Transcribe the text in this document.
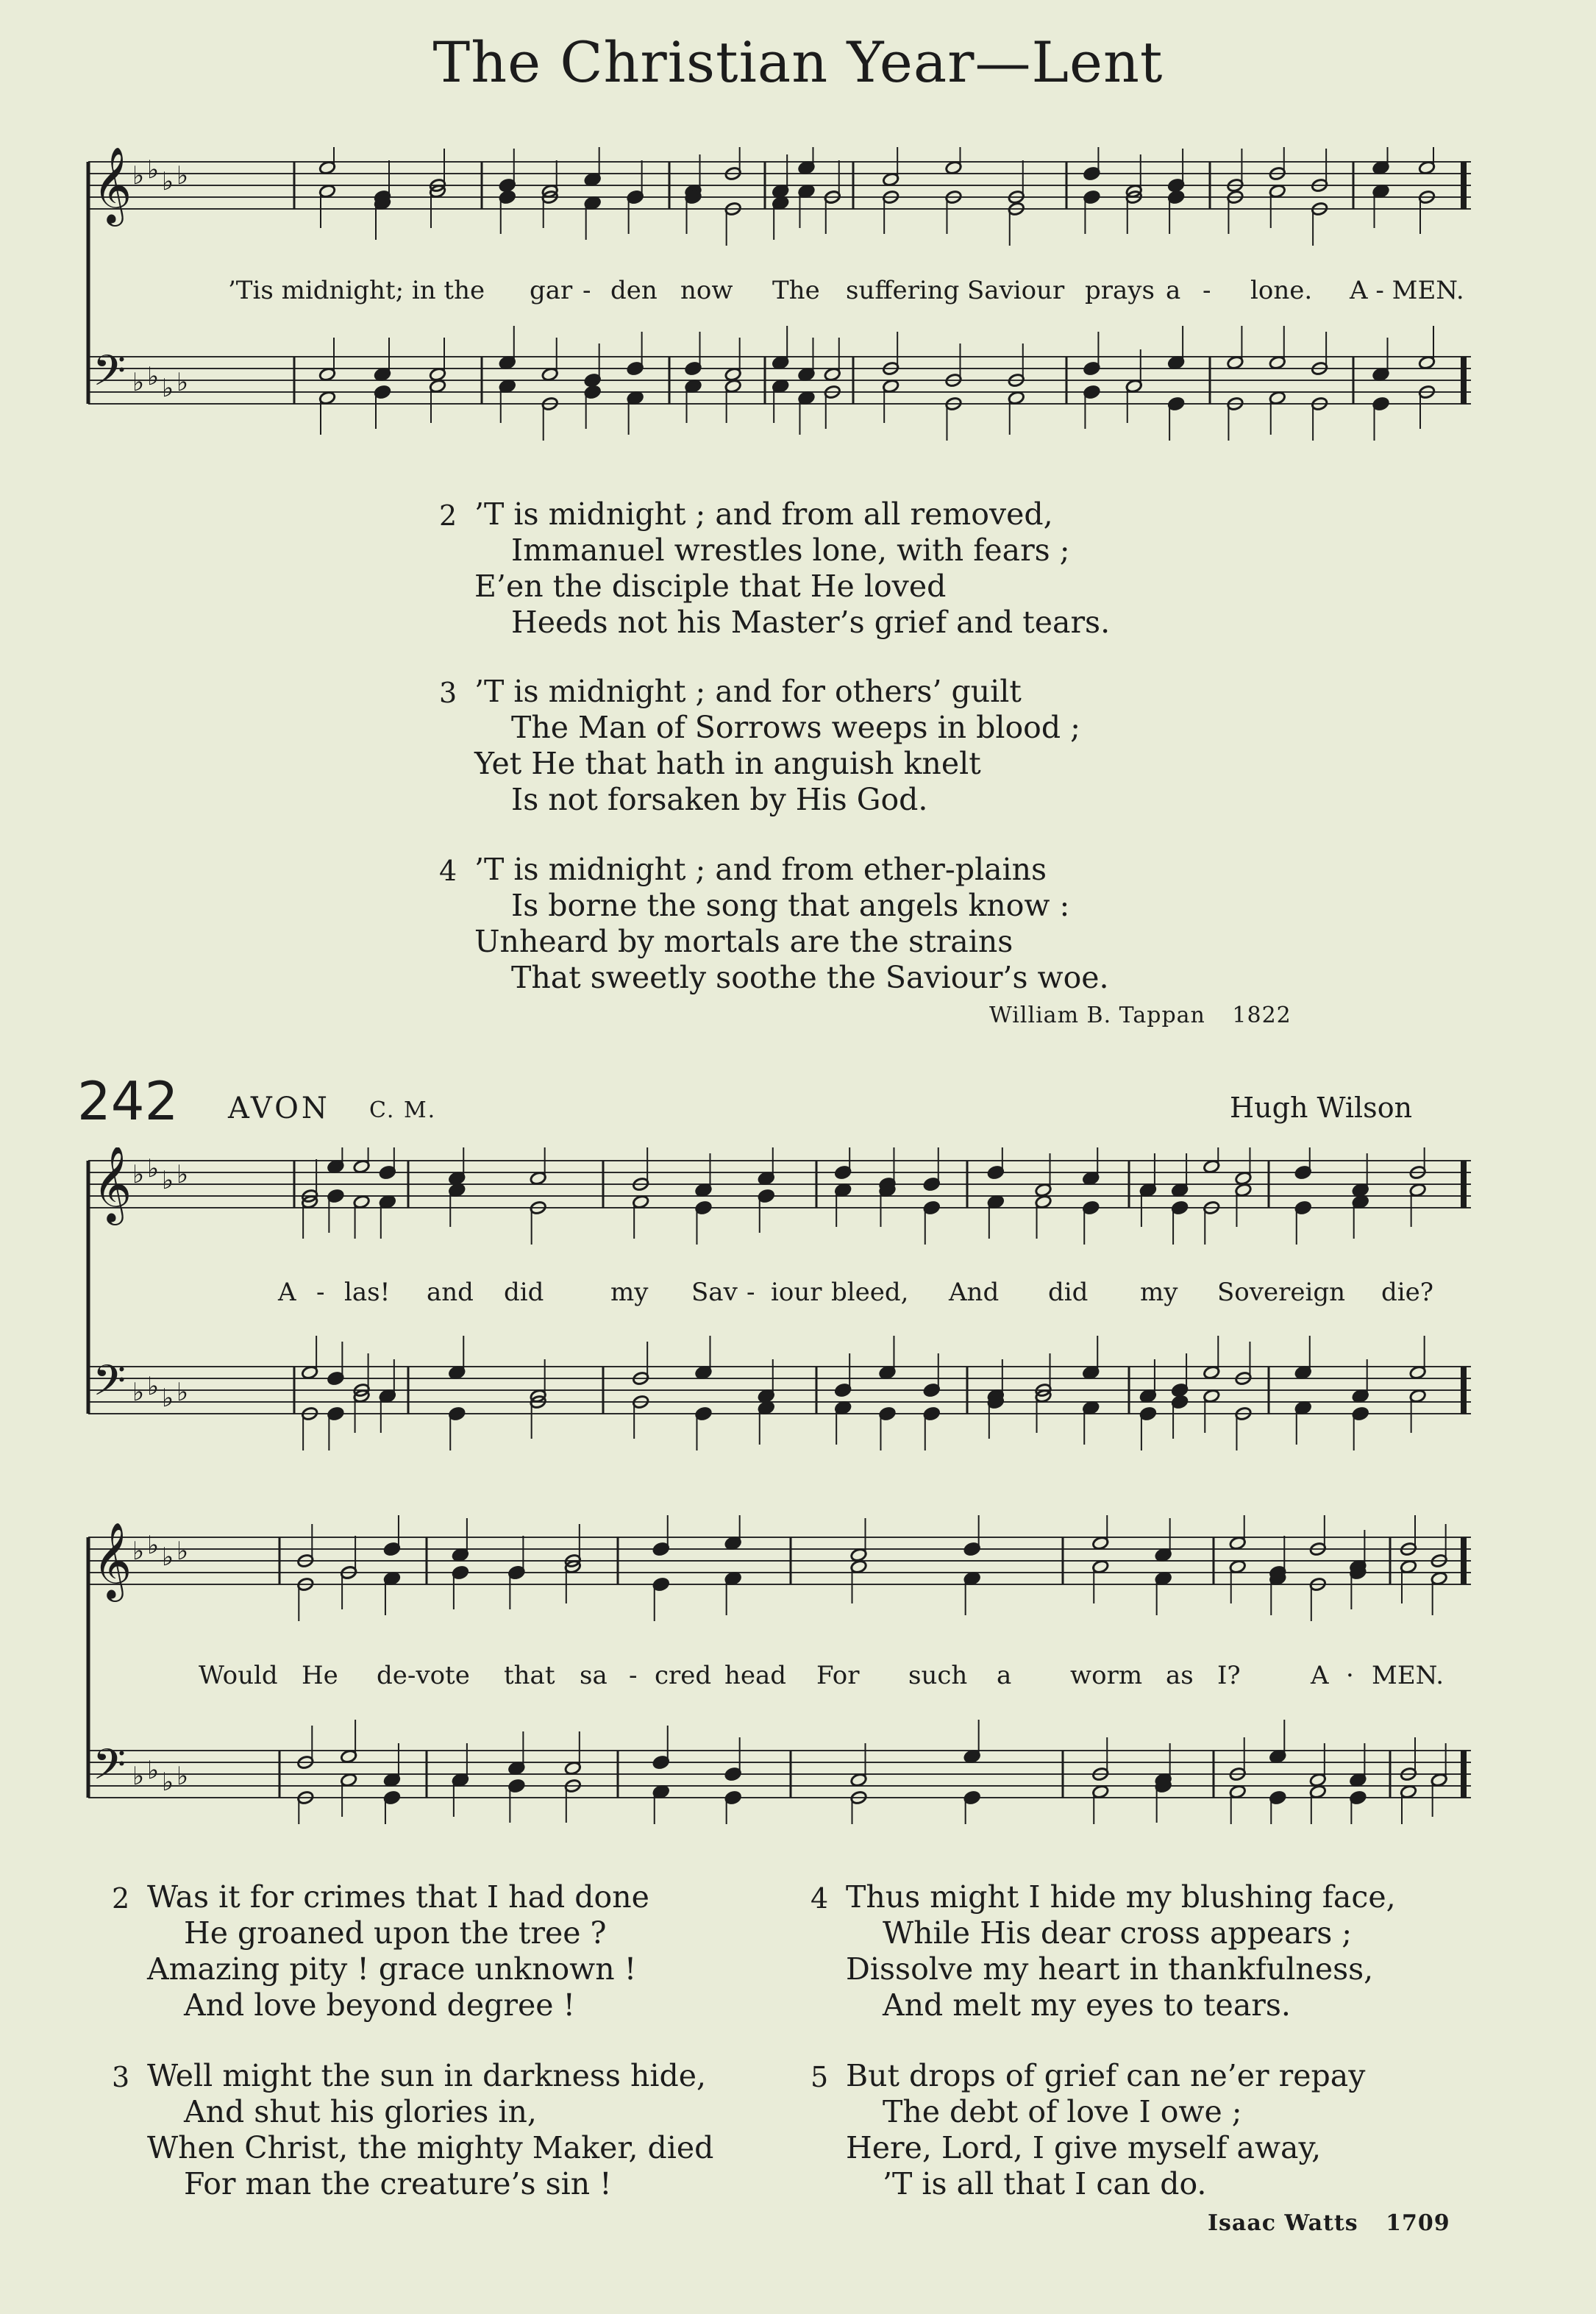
The Christian Year—Lent
𝄞
𝄢
♭
♭
♭
♭
♭
♭
♭
♭
’Tis midnight; in the gar - den now The suffering Saviour prays a - lone. A - MEN.
2 ’T is midnight ; and from all removed,
Immanuel wrestles lone, with fears ;
E’en the disciple that He loved
Heeds not his Master’s grief and tears.
3 ’T is midnight ; and for others’ guilt
The Man of Sorrows weeps in blood ;
Yet He that hath in anguish knelt
Is not forsaken by His God.
4 ’T is midnight ; and from ether-plains
Is borne the song that angels know :
Unheard by mortals are the strains
That sweetly soothe the Saviour’s woe.
William B. Tappan 1822
242 AVON C. M.	Hugh Wilson
𝄞
𝄢
♭
♭
♭
♭
♭
♭
♭
♭
A - las! and did	my Sav - iour bleed, And did my Sovereign die?
𝄞
𝄢
♭
♭
♭
♭
♭
♭
♭
♭
Would He de-vote that sa - cred head For such a worm as I?	A · MEN.
2 Was it for crimes that I had done
He groaned upon the tree ?
Amazing pity ! grace unknown !
And love beyond degree !
3 Well might the sun in darkness hide,
And shut his glories in,
When Christ, the mighty Maker, died
For man the creature’s sin !
4 Thus might I hide my blushing face,
While His dear cross appears ;
Dissolve my heart in thankfulness,
And melt my eyes to tears.
5 But drops of grief can ne’er repay
The debt of love I owe ;
Here, Lord, I give myself away,
’T is all that I can do.
Isaac Watts 1709
